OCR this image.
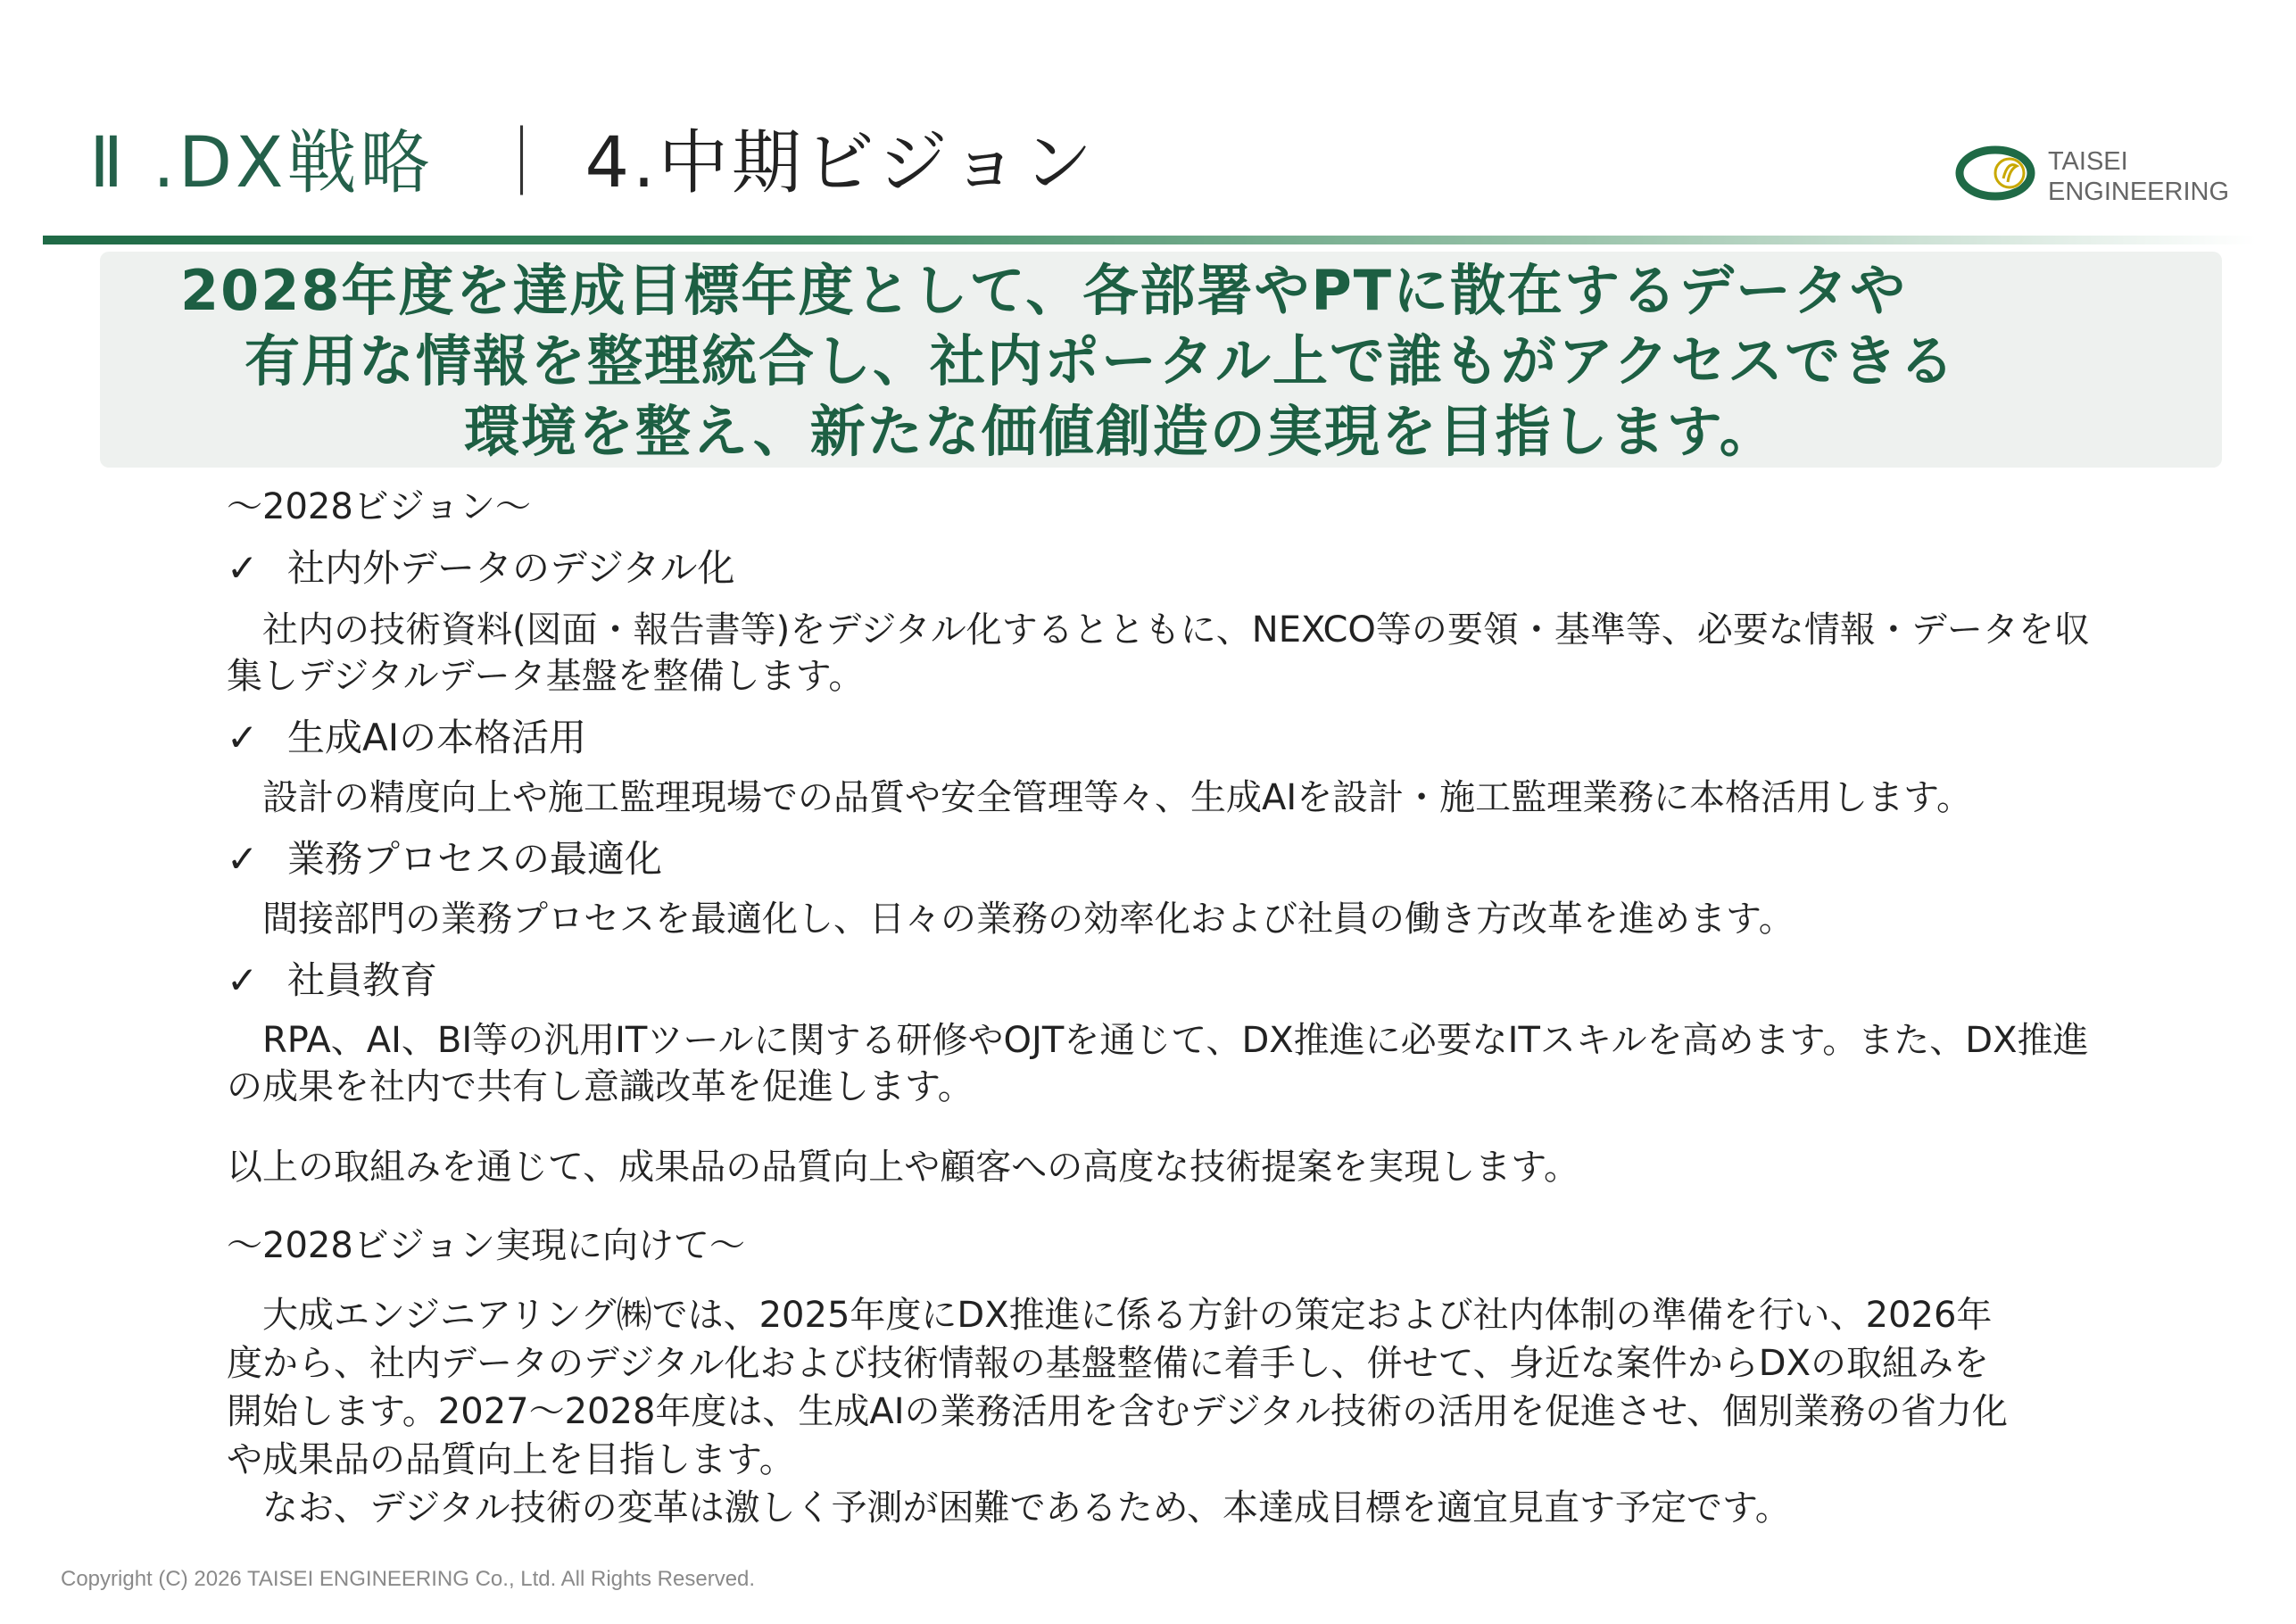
Ⅱ .DX戦略 ｜ 4.中期ビジョン	TAISEI
ENGINEERING
2028年度を達成目標年度として、各部署やPTに散在するデータや
有用な情報を整理統合し、社内ポータル上で誰もがアクセスできる
環境を整え、新たな価値創造の実現を目指します。
～2028ビジョン～
✓ 社内外データのデジタル化
　社内の技術資料(図面・報告書等)をデジタル化するとともに、NEXCO等の要領・基準等、必要な情報・データを収
集しデジタルデータ基盤を整備します。
✓ 生成AIの本格活用
　設計の精度向上や施工監理現場での品質や安全管理等々、生成AIを設計・施工監理業務に本格活用します。
✓ 業務プロセスの最適化
　間接部門の業務プロセスを最適化し、日々の業務の効率化および社員の働き方改革を進めます。
✓ 社員教育
　RPA、AI、BI等の汎用ITツールに関する研修やOJTを通じて、DX推進に必要なITスキルを高めます。また、DX推進
の成果を社内で共有し意識改革を促進します。
以上の取組みを通じて、成果品の品質向上や顧客への高度な技術提案を実現します。
～2028ビジョン実現に向けて～
　大成エンジニアリング㈱では、2025年度にDX推進に係る方針の策定および社内体制の準備を行い、2026年
度から、社内データのデジタル化および技術情報の基盤整備に着手し、併せて、身近な案件からDXの取組みを
開始します。2027～2028年度は、生成AIの業務活用を含むデジタル技術の活用を促進させ、個別業務の省力化
や成果品の品質向上を目指します。
　なお、デジタル技術の変革は激しく予測が困難であるため、本達成目標を適宜見直す予定です。
Copyright (C) 2026 TAISEI ENGINEERING Co., Ltd. All Rights Reserved.
